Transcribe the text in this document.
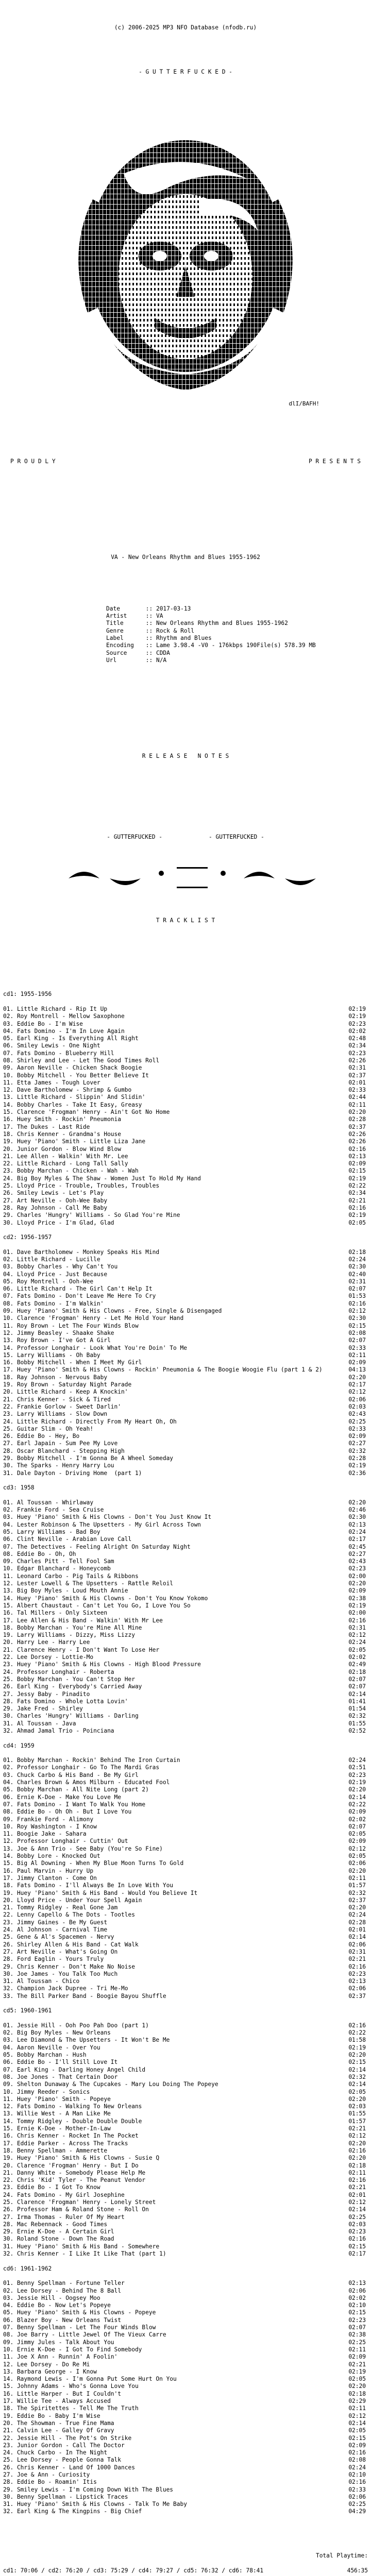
(c) 2006-2025 MP3 NFO Database (nfodb.ru)

- G U T T E R F U C K E D -

dlI/BAFH!

P R O U D L Y	P R E S E N T S

VA - New Orleans Rhythm and Blues 1955-1962

Date	:: 2017-03-13
Artist	:: VA
Title	:: New Orleans Rhythm and Blues 1955-1962
Genre	:: Rock & Roll
Label	:: Rhythm and Blues
Encoding :: Lame 3.98.4 -V0 - 176kbps 190File(s) 578.39 MB
Source	:: CDDA
Url	:: N/A

R E L E A S E   N O T E S

- GUTTERFUCKED -	- GUTTERFUCKED -

T R A C K L I S T

cd1: 1955-1956

01. Little Richard - Rip It Up	02:19
02. Roy Montrell - Mellow Saxophone	02:19
03. Eddie Bo - I'm Wise	02:23
04. Fats Domino - I'm In Love Again	02:02
05. Earl King - Is Everything All Right	02:48
06. Smiley Lewis - One Night	02:34
07. Fats Domino - Blueberry Hill	02:23
08. Shirley and Lee - Let The Good Times Roll	02:26
09. Aaron Neville - Chicken Shack Boogie	02:31
10. Bobby Mitchell - You Better Believe It	02:37
11. Etta James - Tough Lover	02:01
12. Dave Bartholomew - Shrimp & Gumbo	02:33
13. Little Richard - Slippin' And Slidin'	02:44
14. Bobby Charles - Take It Easy, Greasy	02:11
15. Clarence 'Frogman' Henry - Ain't Got No Home	02:20
16. Huey Smith - Rockin' Pneumonia	02:28
17. The Dukes - Last Ride	02:37
18. Chris Kenner - Grandma's House	02:26
19. Huey 'Piano' Smith - Little Liza Jane	02:26
20. Junior Gordon - Blow Wind Blow	02:16
21. Lee Allen - Walkin' With Mr. Lee	02:13
22. Little Richard - Long Tall Sally	02:09
23. Bobby Marchan - Chicken - Wah - Wah	02:15
24. Big Boy Myles & The Shaw - Women Just To Hold My Hand	02:19
25. Lloyd Price - Trouble, Troubles, Troubles	02:22
26. Smiley Lewis - Let's Play	02:34
27. Art Neville - Ooh-Wee Baby	02:21
28. Ray Johnson - Call Me Baby	02:16
29. Charles 'Hungry' Williams - So Glad You're Mine	02:19
30. Lloyd Price - I'm Glad, Glad	02:05

cd2: 1956-1957

01. Dave Bartholomew - Monkey Speaks His Mind	02:18
02. Little Richard - Lucille	02:24
03. Bobby Charles - Why Can't You	02:30
04. Lloyd Price - Just Because	02:40
05. Roy Montrell - Ooh-Wee	02:31
06. Little Richard - The Girl Can't Help It	02:07
07. Fats Domino - Don't Leave Me Here To Cry	01:53
08. Fats Domino - I'm Walkin'	02:16
09. Huey 'Piano' Smith & His Clowns - Free, Single & Disengaged	02:12
10. Clarence 'Frogman' Henry - Let Me Hold Your Hand	02:30
11. Roy Brown - Let The Four Winds Blow	02:15
12. Jimmy Beasley - Shaake Shake	02:08
13. Roy Brown - I've Got A Girl	02:07
14. Professor Longhair - Look What You're Doin' To Me	02:33
15. Larry Williams - Oh Baby	02:11
16. Bobby Mitchell - When I Meet My Girl	02:09
17. Huey 'Piano' Smith & His Clowns - Rockin' Pneumonia & The Boogie Woogie Flu (part 1 & 2)	04:13
18. Ray Johnson - Nervous Baby	02:20
19. Roy Brown - Saturday Night Parade	02:17
20. Little Richard - Keep A Knockin'	02:12
21. Chris Kenner - Sick & Tired	02:06
22. Frankie Gorlow - Sweet Darlin'	02:03
23. Larry Williams - Slow Down	02:43
24. Little Richard - Directly From My Heart Oh, Oh	02:25
25. Guitar Slim - Oh Yeah!	02:33
26. Eddie Bo - Hey, Bo	02:09
27. Earl Japain - Sum Pee My Love	02:27
28. Oscar Blanchard - Stepping High	02:32
29. Bobby Mitchell - I'm Gonna Be A Wheel Someday	02:28
30. The Sparks - Henry Harry Lou	02:19
31. Dale Dayton - Driving Home  (part 1)	02:36

cd3: 1958

01. Al Toussan - Whirlaway	02:20
02. Frankie Ford - Sea Cruise	02:46
03. Huey 'Piano' Smith & His Clowns - Don't You Just Know It	02:30
04. Lester Robinson & The Upsetters - My Girl Across Town	02:13
05. Larry Williams - Bad Boy	02:24
06. Clint Neville - Arabian Love Call	02:17
07. The Detectives - Feeling Alright On Saturday Night	02:45
08. Eddie Bo - Oh, Oh	02:27
09. Charles Pitt - Tell Fool Sam	02:43
10. Edgar Blanchard - Honeycomb	02:23
11. Leonard Carbo - Pig Tails & Ribbons	02:00
12. Lester Lowell & The Upsetters - Rattle Reloil	02:20
13. Big Boy Myles - Loud Mouth Annie	02:09
14. Huey 'Piano' Smith & His Clowns - Don't You Know Yokomo	02:38
15. Albert Chaustaut - Can't Let You Go, I Love You So	02:19
16. Tal Millers - Only Sixteen	02:00
17. Lee Allen & His Band - Walkin' With Mr Lee	02:16
18. Bobby Marchan - You're Mine All Mine	02:31
19. Larry Williams - Dizzy, Miss Lizzy	02:12
20. Harry Lee - Harry Lee	02:24
21. Clarence Henry - I Don't Want To Lose Her	02:05
22. Lee Dorsey - Lottie-Mo	02:02
23. Huey 'Piano' Smith & His Clowns - High Blood Pressure	02:49
24. Professor Longhair - Roberta	02:18
25. Bobby Marchan - You Can't Stop Her	02:07
26. Earl King - Everybody's Carried Away	02:07
27. Jessy Baby - Pinadito	02:14
28. Fats Domino - Whole Lotta Lovin'	01:41
29. Jake Fred - Shirley	01:54
30. Charles 'Hungry' Williams - Darling	02:32
31. Al Toussan - Java	01:55
32. Ahmad Jamal Trio - Poinciana	02:52

cd4: 1959

01. Bobby Marchan - Rockin' Behind The Iron Curtain	02:24
02. Professor Longhair - Go To The Mardi Gras	02:51
03. Chuck Carbo & His Band - Be My Girl	02:23
04. Charles Brown & Amos Milburn - Educated Fool	02:19
05. Bobby Marchan - All Nite Long (part 2)	02:20
06. Ernie K-Doe - Make You Love Me	02:14
07. Fats Domino - I Want To Walk You Home	02:22
08. Eddie Bo - Oh Oh - But I Love You	02:09
09. Frankie Ford - Alimony	02:02
10. Roy Washington - I Know	02:07
11. Boogie Jake - Sahara	02:05
12. Professor Longhair - Cuttin' Out	02:09
13. Joe & Ann Trio - See Baby (You're So Fine)	02:12
14. Bobby Lore - Knocked Out	02:05
15. Big Al Downing - When My Blue Moon Turns To Gold	02:06
16. Paul Marvin - Hurry Up	02:20
17. Jimmy Clanton - Come On	02:11
18. Fats Domino - I'll Always Be In Love With You	01:57
19. Huey 'Piano' Smith & His Band - Would You Believe It	02:32
20. Lloyd Price - Under Your Spell Again	02:37
21. Tommy Ridgley - Real Gone Jam	02:20
22. Lenny Capello & The Dots - Tootles	02:24
23. Jimmy Gaines - Be My Guest	02:28
24. Al Johnson - Carnival Time	02:01
25. Gene & Al's Spacemen - Nervy	02:14
26. Shirley Allen & His Band - Cat Walk	02:06
27. Art Neville - What's Going On	02:31
28. Ford Eaglin - Yours Truly	02:21
29. Chris Kenner - Don't Make No Noise	02:16
30. Joe James - You Talk Too Much	02:23
31. Al Toussan - Chico	02:13
32. Champion Jack Dupree - Tri Me-Mo	02:06
33. The Bill Parker Band - Boogie Bayou Shuffle	02:37

cd5: 1960-1961

01. Jessie Hill - Ooh Poo Pah Doo (part 1)	02:16
02. Big Boy Myles - New Orleans	02:22
03. Lee Diamond & The Upsetters - It Won't Be Me	01:58
04. Aaron Neville - Over You	02:19
05. Bobby Marchan - Hush	02:20
06. Eddie Bo - I'll Still Love It	02:15
07. Earl King - Darling Honey Angel Child	02:14
08. Joe Jones - That Certain Door	02:32
09. Shelton Dunaway & The Cupcakes - Mary Lou Doing The Popeye	02:14
10. Jimmy Reeder - Sonics	02:05
11. Huey 'Piano' Smith - Popeye	02:20
12. Fats Domino - Walking To New Orleans	02:03
13. Willie West - A Man Like Me	01:55
14. Tommy Ridgley - Double Double Double	01:57
15. Ernie K-Doe - Mother-In-Law	02:21
16. Chris Kenner - Rocket In The Pocket	02:12
17. Eddie Parker - Across The Tracks	02:20
18. Benny Spellman - Ammerette	02:16
19. Huey 'Piano' Smith & His Clowns - Susie Q	02:20
20. Clarence 'Frogman' Henry - But I Do	02:18
21. Danny White - Somebody Please Help Me	02:11
22. Chris 'Kid' Tyler - The Peanut Vendor	02:16
23. Eddie Bo - I Got To Know	02:21
24. Fats Domino - My Girl Josephine	02:01
25. Clarence 'Frogman' Henry - Lonely Street	02:12
26. Professor Ham & Roland Stone - Roll On	02:14
27. Irma Thomas - Ruler Of My Heart	02:25
28. Mac Rebennack - Good Times	02:03
29. Ernie K-Doe - A Certain Girl	02:23
30. Roland Stone - Down The Road	02:16
31. Huey 'Piano' Smith & His Band - Somewhere	02:15
32. Chris Kenner - I Like It Like That (part 1)	02:17

cd6: 1961-1962

01. Benny Spellman - Fortune Teller	02:13
02. Lee Dorsey - Behind The 8 Ball	02:06
03. Jessie Hill - Oogsey Moo	02:02
04. Eddie Bo - Now Let's Popeye	02:10
05. Huey 'Piano' Smith & His Clowns - Popeye	02:15
06. Blazer Boy - New Orleans Twist	02:23
07. Benny Spellman - Let The Four Winds Blow	02:07
08. Joe Barry - Little Jewel Of The Vieux Carre	02:38
09. Jimmy Jules - Talk About You	02:25
10. Ernie K-Doe - I Got To Find Somebody	02:11
11. Joe X Ann - Runnin' A Foolin'	02:09
12. Lee Dorsey - Do Re Mi	02:21
13. Barbara George - I Know	02:19
14. Raymond Lewis - I'm Gonna Put Some Hurt On You	02:05
15. Johnny Adams - Who's Gonna Love You	02:20
16. Little Harper - But I Couldn't	02:18
17. Willie Tee - Always Accused	02:29
18. The Spiritettes - Tell Me The Truth	02:11
19. Eddie Bo - Baby I'm Wise	02:12
20. The Showman - True Fine Mama	02:14
21. Calvin Lee - Galley Of Gravy	02:05
22. Jessie Hill - The Pot's On Strike	02:15
23. Junior Gordon - Call The Doctor	02:09
24. Chuck Carbo - In The Night	02:16
25. Lee Dorsey - People Gonna Talk	02:08
26. Chris Kenner - Land Of 1000 Dances	02:24
27. Joe & Ann - Curiosity	02:10
28. Eddie Bo - Roamin' Itis	02:16
29. Smiley Lewis - I'm Coming Down With The Blues	02:33
30. Benny Spellman - Lipstick Traces	02:06
31. Huey 'Piano' Smith & His Clowns - Talk To Me Baby	02:25
32. Earl King & The Kingpins - Big Chief	04:29

Total Playtime:

cd1: 70:06 / cd2: 76:20 / cd3: 75:29 / cd4: 79:27 / cd5: 76:32 / cd6: 78:41	456:35
